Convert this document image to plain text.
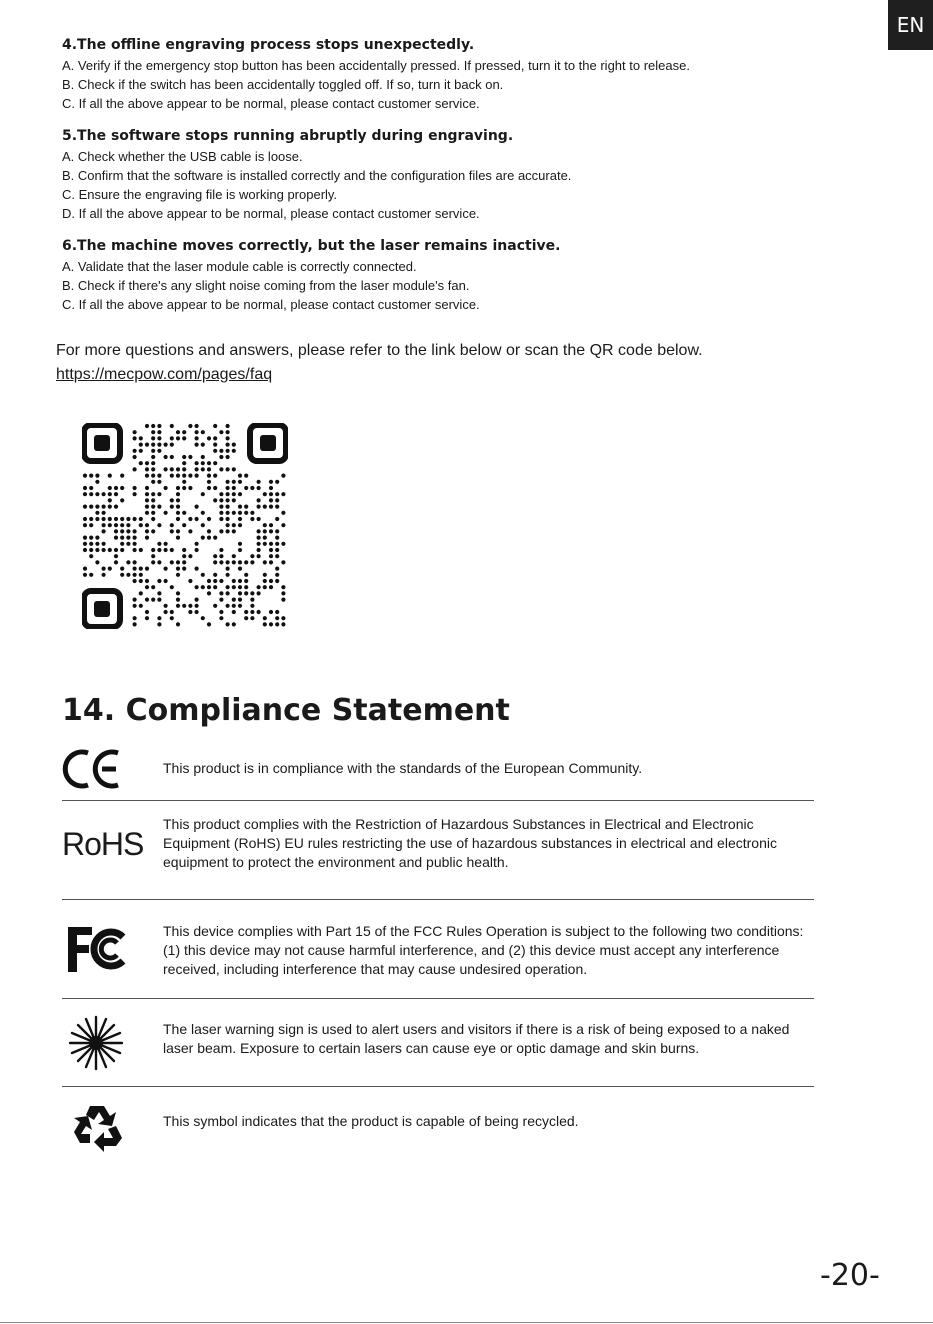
EN

4.The offline engraving process stops unexpectedly.

A. Verify if the emergency stop button has been accidentally pressed. If pressed, turn it to the right to release.
B. Check if the switch has been accidentally toggled off. If so, turn it back on.
C. If all the above appear to be normal, please contact customer service.

5.The software stops running abruptly during engraving.

A. Check whether the USB cable is loose.
B. Confirm that the software is installed correctly and the configuration files are accurate.
C. Ensure the engraving file is working properly.
D. If all the above appear to be normal, please contact customer service.

6.The machine moves correctly, but the laser remains inactive.

A. Validate that the laser module cable is correctly connected.
B. Check if there's any slight noise coming from the laser module's fan.
C. If all the above appear to be normal, please contact customer service.
For more questions and answers, please refer to the link below or scan the QR code below.
https://mecpow.com/pages/faq
14. Compliance Statement
This product is in compliance with the standards of the European Community.
RoHS
This product complies with the Restriction of Hazardous Substances in Electrical and Electronic Equipment (RoHS) EU rules restricting the use of hazardous substances in electrical and electronic equipment to protect the environment and public health.
This device complies with Part 15 of the FCC Rules Operation is subject to the following two conditions: (1) this device may not cause harmful interference, and (2) this device must accept any interference received, including interference that may cause undesired operation.
The laser warning sign is used to alert users and visitors if there is a risk of being exposed to a naked laser beam. Exposure to certain lasers can cause eye or optic damage and skin burns.
This symbol indicates that the product is capable of being recycled.
-20-
